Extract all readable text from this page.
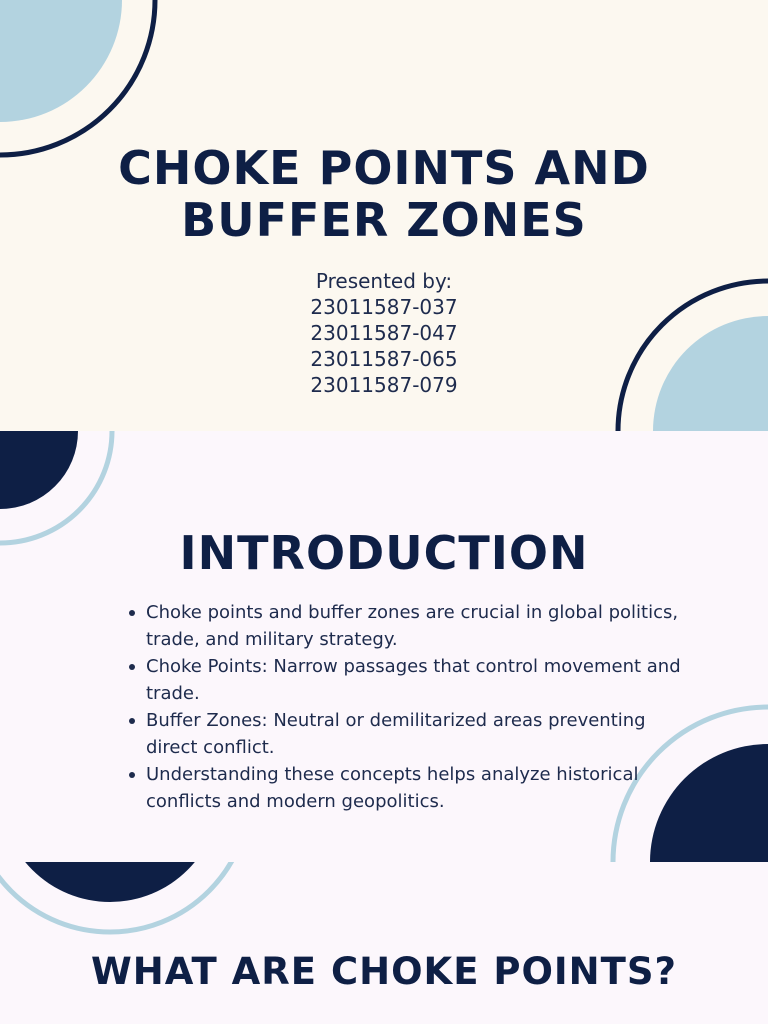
CHOKE POINTS AND
BUFFER ZONES
Presented by:
23011587-037
23011587-047
23011587-065
23011587-079
INTRODUCTION
Choke points and buffer zones are crucial in global politics, trade, and military strategy.
Choke Points: Narrow passages that control movement and trade.
Buffer Zones: Neutral or demilitarized areas preventing direct conflict.
Understanding these concepts helps analyze historical conflicts and modern geopolitics.
WHAT ARE CHOKE POINTS?
